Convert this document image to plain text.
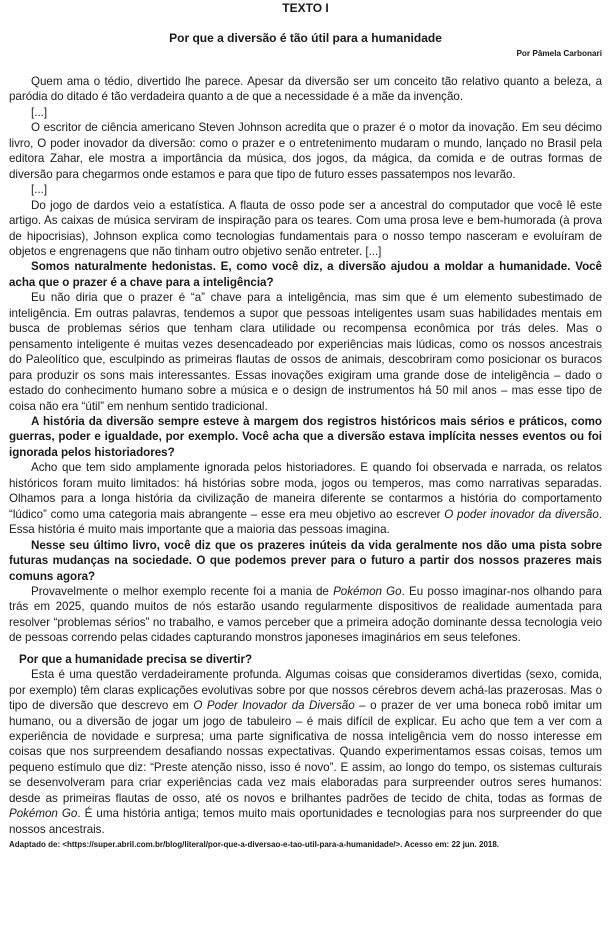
TEXTO I

Por que a diversão é tão útil para a humanidade

Por Pâmela Carbonari

Quem ama o tédio, divertido lhe parece. Apesar da diversão ser um conceito tão relativo quanto a beleza, a paródia do ditado é tão verdadeira quanto a de que a necessidade é a mãe da invenção.

[...]

O escritor de ciência americano Steven Johnson acredita que o prazer é o motor da inovação. Em seu décimo livro, O poder inovador da diversão: como o prazer e o entretenimento mudaram o mundo, lançado no Brasil pela editora Zahar, ele mostra a importância da música, dos jogos, da mágica, da comida e de outras formas de diversão para chegarmos onde estamos e para que tipo de futuro esses passatempos nos levarão.

[...]

Do jogo de dardos veio a estatística. A flauta de osso pode ser a ancestral do computador que você lê este artigo. As caixas de música serviram de inspiração para os teares. Com uma prosa leve e bem-humorada (à prova de hipocrisias), Johnson explica como tecnologias fundamentais para o nosso tempo nasceram e evoluíram de objetos e engrenagens que não tinham outro objetivo senão entreter. [...]

Somos naturalmente hedonistas. E, como você diz, a diversão ajudou a moldar a humanidade. Você acha que o prazer é a chave para a inteligência?

Eu não diria que o prazer é “a” chave para a inteligência, mas sim que é um elemento subestimado de inteligência. Em outras palavras, tendemos a supor que pessoas inteligentes usam suas habilidades mentais em busca de problemas sérios que tenham clara utilidade ou recompensa econômica por trás deles. Mas o pensamento inteligente é muitas vezes desencadeado por experiências mais lúdicas, como os nossos ancestrais do Paleolítico que, esculpindo as primeiras flautas de ossos de animais, descobriram como posicionar os buracos para produzir os sons mais interessantes. Essas inovações exigiram uma grande dose de inteligência – dado o estado do conhecimento humano sobre a música e o design de instrumentos há 50 mil anos – mas esse tipo de coisa não era “útil” em nenhum sentido tradicional.

A história da diversão sempre esteve à margem dos registros históricos mais sérios e práticos, como guerras, poder e igualdade, por exemplo. Você acha que a diversão estava implícita nesses eventos ou foi ignorada pelos historiadores?

Acho que tem sido amplamente ignorada pelos historiadores. E quando foi observada e narrada, os relatos históricos foram muito limitados: há histórias sobre moda, jogos ou temperos, mas como narrativas separadas. Olhamos para a longa história da civilização de maneira diferente se contarmos a história do comportamento “lúdico” como uma categoria mais abrangente – esse era meu objetivo ao escrever O poder inovador da diversão. Essa história é muito mais importante que a maioria das pessoas imagina.

Nesse seu último livro, você diz que os prazeres inúteis da vida geralmente nos dão uma pista sobre futuras mudanças na sociedade. O que podemos prever para o futuro a partir dos nossos prazeres mais comuns agora?

Provavelmente o melhor exemplo recente foi a mania de Pokémon Go. Eu posso imaginar-nos olhando para trás em 2025, quando muitos de nós estarão usando regularmente dispositivos de realidade aumentada para resolver “problemas sérios” no trabalho, e vamos perceber que a primeira adoção dominante dessa tecnologia veio de pessoas correndo pelas cidades capturando monstros japoneses imaginários em seus telefones.

Por que a humanidade precisa se divertir?

Esta é uma questão verdadeiramente profunda. Algumas coisas que consideramos divertidas (sexo, comida, por exemplo) têm claras explicações evolutivas sobre por que nossos cérebros devem achá-las prazerosas. Mas o tipo de diversão que descrevo em O Poder Inovador da Diversão – o prazer de ver uma boneca robô imitar um humano, ou a diversão de jogar um jogo de tabuleiro – é mais difícil de explicar. Eu acho que tem a ver com a experiência de novidade e surpresa; uma parte significativa de nossa inteligência vem do nosso interesse em coisas que nos surpreendem desafiando nossas expectativas. Quando experimentamos essas coisas, temos um pequeno estímulo que diz: “Preste atenção nisso, isso é novo”. E assim, ao longo do tempo, os sistemas culturais se desenvolveram para criar experiências cada vez mais elaboradas para surpreender outros seres humanos: desde as primeiras flautas de osso, até os novos e brilhantes padrões de tecido de chita, todas as formas de Pokémon Go. É uma história antiga; temos muito mais oportunidades e tecnologias para nos surpreender do que nossos ancestrais.

Adaptado de: <https://super.abril.com.br/blog/literal/por-que-a-diversao-e-tao-util-para-a-humanidade/>. Acesso em: 22 jun. 2018.
